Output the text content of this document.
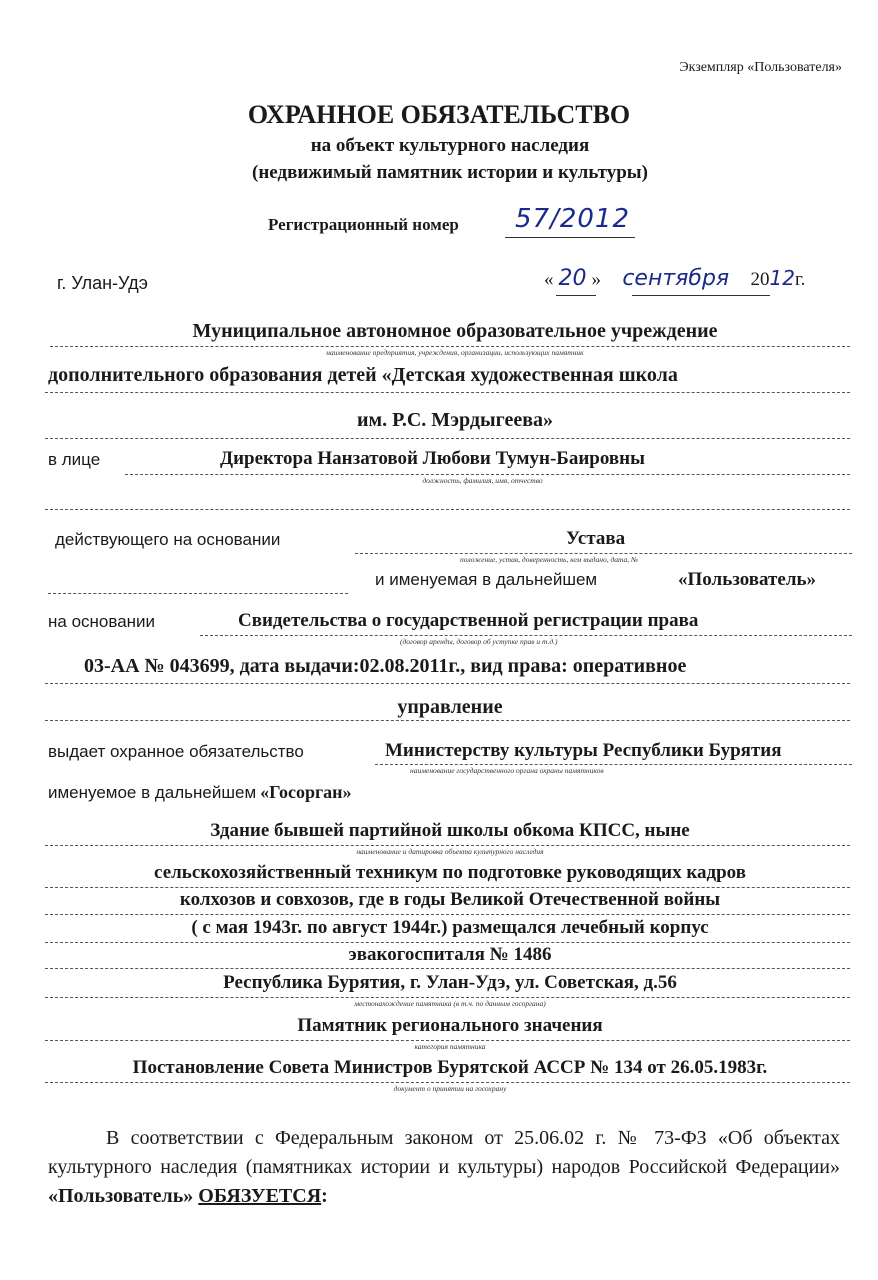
Экземпляр «Пользователя»
ОХРАННОЕ ОБЯЗАТЕЛЬСТВО
на объект культурного наследия
(недвижимый памятник истории и культуры)
Регистрационный номер 57/2012
г. Улан-Удэ	« 20 » сентября 2012г.
Муниципальное автономное образовательное учреждение
наименование предприятия, учреждения, организации, использующих памятник
дополнительного образования детей «Детская художественная школа
им. Р.С. Мэрдыгеева»
в лице	Директора Нанзатовой Любови Тумун-Баировны
должность, фамилия, имя, отчество
действующего на основании	Устава
положение, устав, доверенность, кем выдано, дата, №
и именуемая в дальнейшем	«Пользователь»
на основании	Свидетельства о государственной регистрации права
(договор аренды, договор об уступке прав и т.д.)
03-АА № 043699, дата выдачи:02.08.2011г., вид права: оперативное
управление
выдает охранное обязательство	Министерству культуры Республики Бурятия
наименование государственного органа охраны памятников
именуемое в дальнейшем «Госорган»
Здание бывшей партийной школы обкома КПСС, ныне
наименование и датировка объекта культурного наследия
сельскохозяйственный техникум по подготовке руководящих кадров
колхозов и совхозов, где в годы Великой Отечественной войны
( с мая 1943г. по август 1944г.) размещался лечебный корпус
эвакогоспиталя № 1486
Республика Бурятия, г. Улан-Удэ, ул. Советская, д.56
местонахождение памятника (в т.ч. по данным госоргана)
Памятник регионального значения
категория памятника
Постановление Совета Министров Бурятской АССР № 134 от 26.05.1983г.
документ о принятии на госохрану
В соответствии с Федеральным законом от 25.06.02 г. № 73-ФЗ «Об объектах культурного наследия (памятниках истории и культуры) народов Российской Федерации» «Пользователь» ОБЯЗУЕТСЯ:
